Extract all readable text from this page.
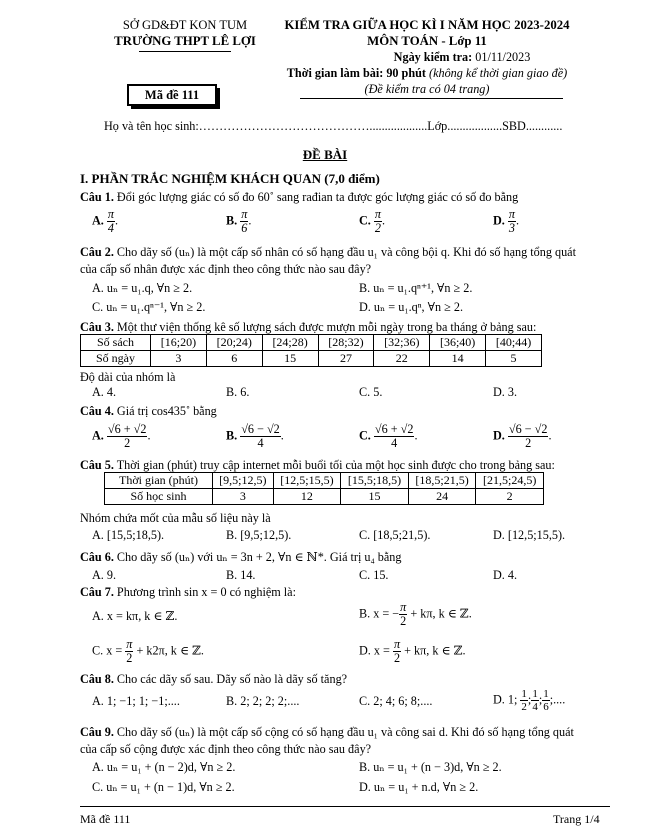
SỞ GD&ĐT KON TUM
TRƯỜNG THPT LÊ LỢI
KIỂM TRA GIỮA HỌC KÌ I NĂM HỌC 2023-2024
MÔN TOÁN - Lớp 11
Ngày kiểm tra: 01/11/2023
Thời gian làm bài: 90 phút (không kể thời gian giao đề)
(Đề kiểm tra có 04 trang)
Mã đề 111
Họ và tên học sinh:……………………………………...................Lớp..................SBD............
ĐỀ BÀI
I. PHẦN TRẮC NGHIỆM KHÁCH QUAN (7,0 điểm)
Câu 1. Đổi góc lượng giác có số đo 60˚ sang rađian ta được góc lượng giác có số đo bằng
A. $\frac{\pi}{4}$ .	B. $\frac{\pi}{6}$ .	C. $\frac{\pi}{2}$ .	D. $\frac{\pi}{3}$ .
Câu 2. Cho dãy số (uₙ) là một cấp số nhân có số hạng đầu u₁ và công bội q. Khi đó số hạng tổng quát
của cấp số nhân được xác định theo công thức nào sau đây?
A. uₙ = u₁.q, ∀n ≥ 2.	B. uₙ = u₁.qⁿ⁺¹, ∀n ≥ 2.
C. uₙ = u₁.qⁿ⁻¹, ∀n ≥ 2.	D. uₙ = u₁.qⁿ, ∀n ≥ 2.
Câu 3. Một thư viện thống kê số lượng sách được mượn mỗi ngày trong ba tháng ở bảng sau:
Số sách	[16;20)	[20;24)	[24;28)	[28;32)	[32;36)	[36;40)	[40;44)
Số ngày	3	6	15	27	22	14	5
Độ dài của nhóm là
A. 4.	B. 6.	C. 5.	D. 3.
Câu 4. Giá trị cos435˚ bằng
A. $\frac{√6 + √2}{2}$ .	B. $\frac{√6 - √2}{4}$ .	C. $\frac{√6 + √2}{4}$ .	D. $\frac{√6 - √2}{2}$ .
Câu 5. Thời gian (phút) truy cập internet mỗi buổi tối của một học sinh được cho trong bảng sau:
Thời gian (phút)	[9,5;12,5)	[12,5;15,5)	[15,5;18,5)	[18,5;21,5)	[21,5;24,5)
Số học sinh	3	12	15	24	2
Nhóm chứa mốt của mẫu số liệu này là
A. [15,5;18,5).	B. [9,5;12,5).	C. [18,5;21,5).	D. [12,5;15,5).
Câu 6. Cho dãy số (uₙ) với uₙ = 3n + 2, ∀n ∈ ℕ*. Giá trị u₄ bằng
A. 9.	B. 14.	C. 15.	D. 4.
Câu 7. Phương trình sin x = 0 có nghiệm là:
A. x = kπ, k ∈ ℤ.	B. x = − $\frac{\pi}{2} + k\pi$, k ∈ ℤ.
C. $x = \frac{\pi}{2} + k2\pi$, k ∈ ℤ.	D. $x = \frac{\pi}{2} + k\pi$, k ∈ ℤ.
Câu 8. Cho các dãy số sau. Dãy số nào là dãy số tăng?
A. 1; −1; 1; −1;....	B. 2; 2; 2; 2;....	C. 2; 4; 6; 8;....	D. 1; $\frac{1}{2}$; $\frac{1}{4}$; $\frac{1}{6}$;....
Câu 9. Cho dãy số (uₙ) là một cấp số cộng có số hạng đầu u₁ và công sai d. Khi đó số hạng tổng quát
của cấp số cộng được xác định theo công thức nào sau đây?
A. uₙ = u₁ + (n − 2)d, ∀n ≥ 2.	B. uₙ = u₁ + (n − 3)d, ∀n ≥ 2.
C. uₙ = u₁ + (n − 1)d, ∀n ≥ 2.	D. uₙ = u₁ + n.d, ∀n ≥ 2.
Mã đề 111	Trang 1/4
